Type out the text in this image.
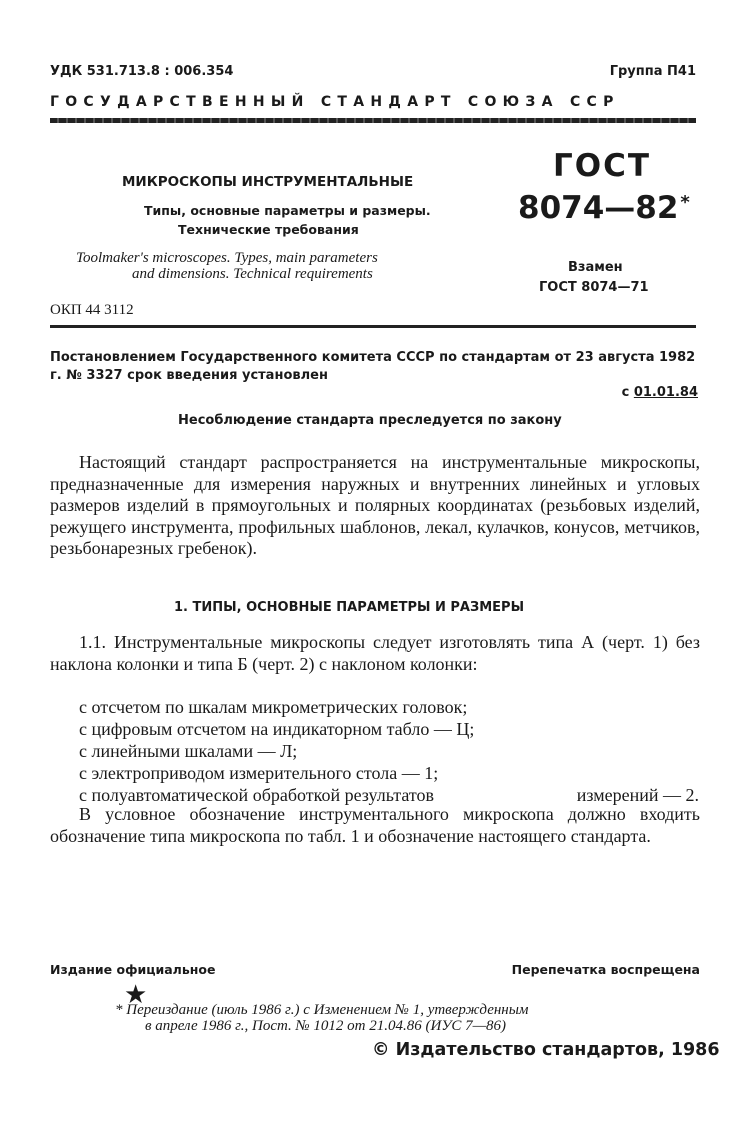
УДК 531.713.8 : 006.354	Группа П41
ГОСУДАРСТВЕННЫЙ СТАНДАРТ СОЮЗА ССР
МИКРОСКОПЫ ИНСТРУМЕНТАЛЬНЫЕ
Типы, основные параметры и размеры.
Технические требования
Toolmaker's microscopes. Types, main parameters
and dimensions. Technical requirements
ОКП 44 3112
ГОСТ
8074—82 *
Взамен
ГОСТ 8074—71
Постановлением Государственного комитета СССР по стандартам от 23 августа 1982 г. № 3327 срок введения установлен
с 01.01.84
Несоблюдение стандарта преследуется по закону
Настоящий стандарт распространяется на инструментальные микроскопы, предназначенные для измерения наружных и внутренних линейных и угловых размеров изделий в прямоугольных и полярных координатах (резьбовых изделий, режущего инструмента, профильных шаблонов, лекал, кулачков, конусов, метчиков, резьбонарезных гребенок).
1. ТИПЫ, ОСНОВНЫЕ ПАРАМЕТРЫ И РАЗМЕРЫ
1.1. Инструментальные микроскопы следует изготовлять типа А (черт. 1) без наклона колонки и типа Б (черт. 2) с наклоном колонки:
с отсчетом по шкалам микрометрических головок;
с цифровым отсчетом на индикаторном табло — Ц;
с линейными шкалами — Л;
с электроприводом измерительного стола — 1;
с полуавтоматической обработкой результатов	измерений — 2.
В условное обозначение инструментального микроскопа должно входить обозначение типа микроскопа по табл. 1 и обозначение настоящего стандарта.
Издание официальное	Перепечатка воспрещена
★
* Переиздание (июль 1986 г.) с Изменением № 1, утвержденным
в апреле 1986 г., Пост. № 1012 от 21.04.86 (ИУС 7—86)
© Издательство стандартов, 1986
